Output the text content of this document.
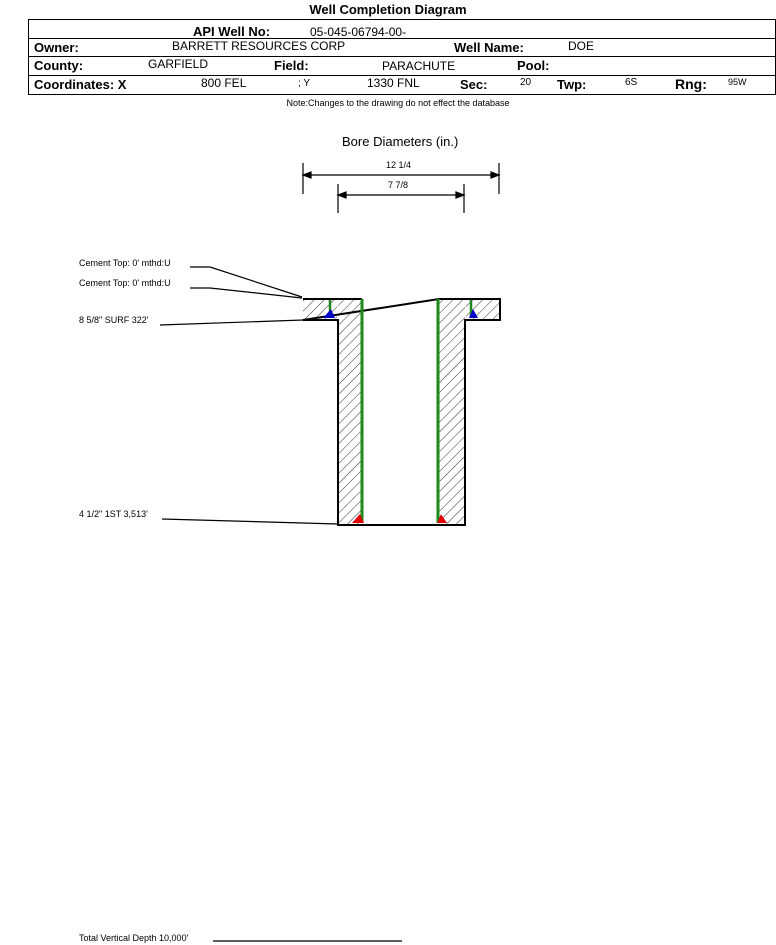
Well Completion Diagram
API Well No:	05-045-06794-00-
Owner:	BARRETT RESOURCES CORP	Well Name:	DOE
County:	GARFIELD	Field:	PARACHUTE	Pool:
Coordinates: X	800 FEL	; Y	1330 FNL	Sec:	20 Twp:	6S	Rng: 95W
Note:Changes to the drawing do not effect the database
Bore Diameters (in.)
12 1/4
7 7/8
Cement Top: 0' mthd:U
Cement Top: 0' mthd:U
8 5/8" SURF 322'
4 1/2" 1ST 3,513'
Total Vertical Depth 10,000'
